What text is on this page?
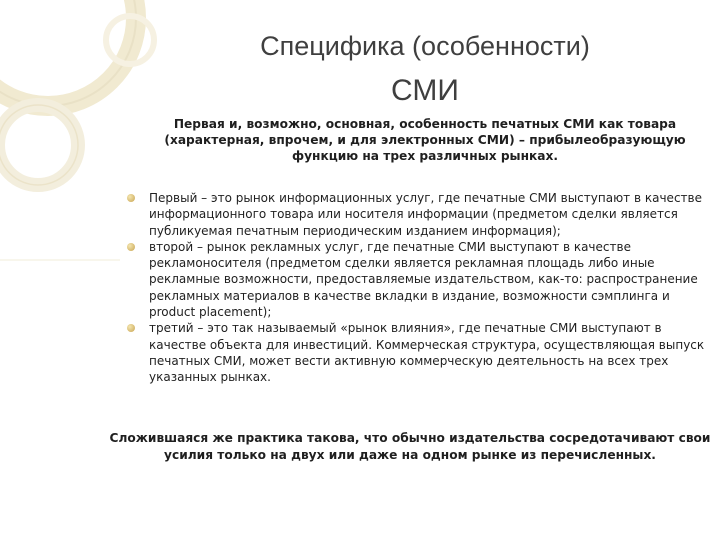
Специфика (особенности)
СМИ
Первая и, возможно, основная, особенность печатных СМИ как товара (характерная, впрочем, и для электронных СМИ) – прибылеобразующую функцию на трех различных рынках.
Первый – это рынок информационных услуг, где печатные СМИ выступают в качестве информационного товара или носителя информации (предметом сделки является публикуемая печатным периодическим изданием информация);
второй – рынок рекламных услуг, где печатные СМИ выступают в качестве рекламоносителя (предметом сделки является рекламная площадь либо иные рекламные возможности, предоставляемые издательством, как-то: распространение рекламных материалов в качестве вкладки в издание, возможности сэмплинга и product placement);
третий – это так называемый «рынок влияния», где печатные СМИ выступают в качестве объекта для инвестиций. Коммерческая структура, осуществляющая выпуск печатных СМИ, может вести активную коммерческую деятельность на всех трех указанных рынках.
Сложившаяся же практика такова, что обычно издательства сосредотачивают свои усилия только на двух или даже на одном рынке из перечисленных.
